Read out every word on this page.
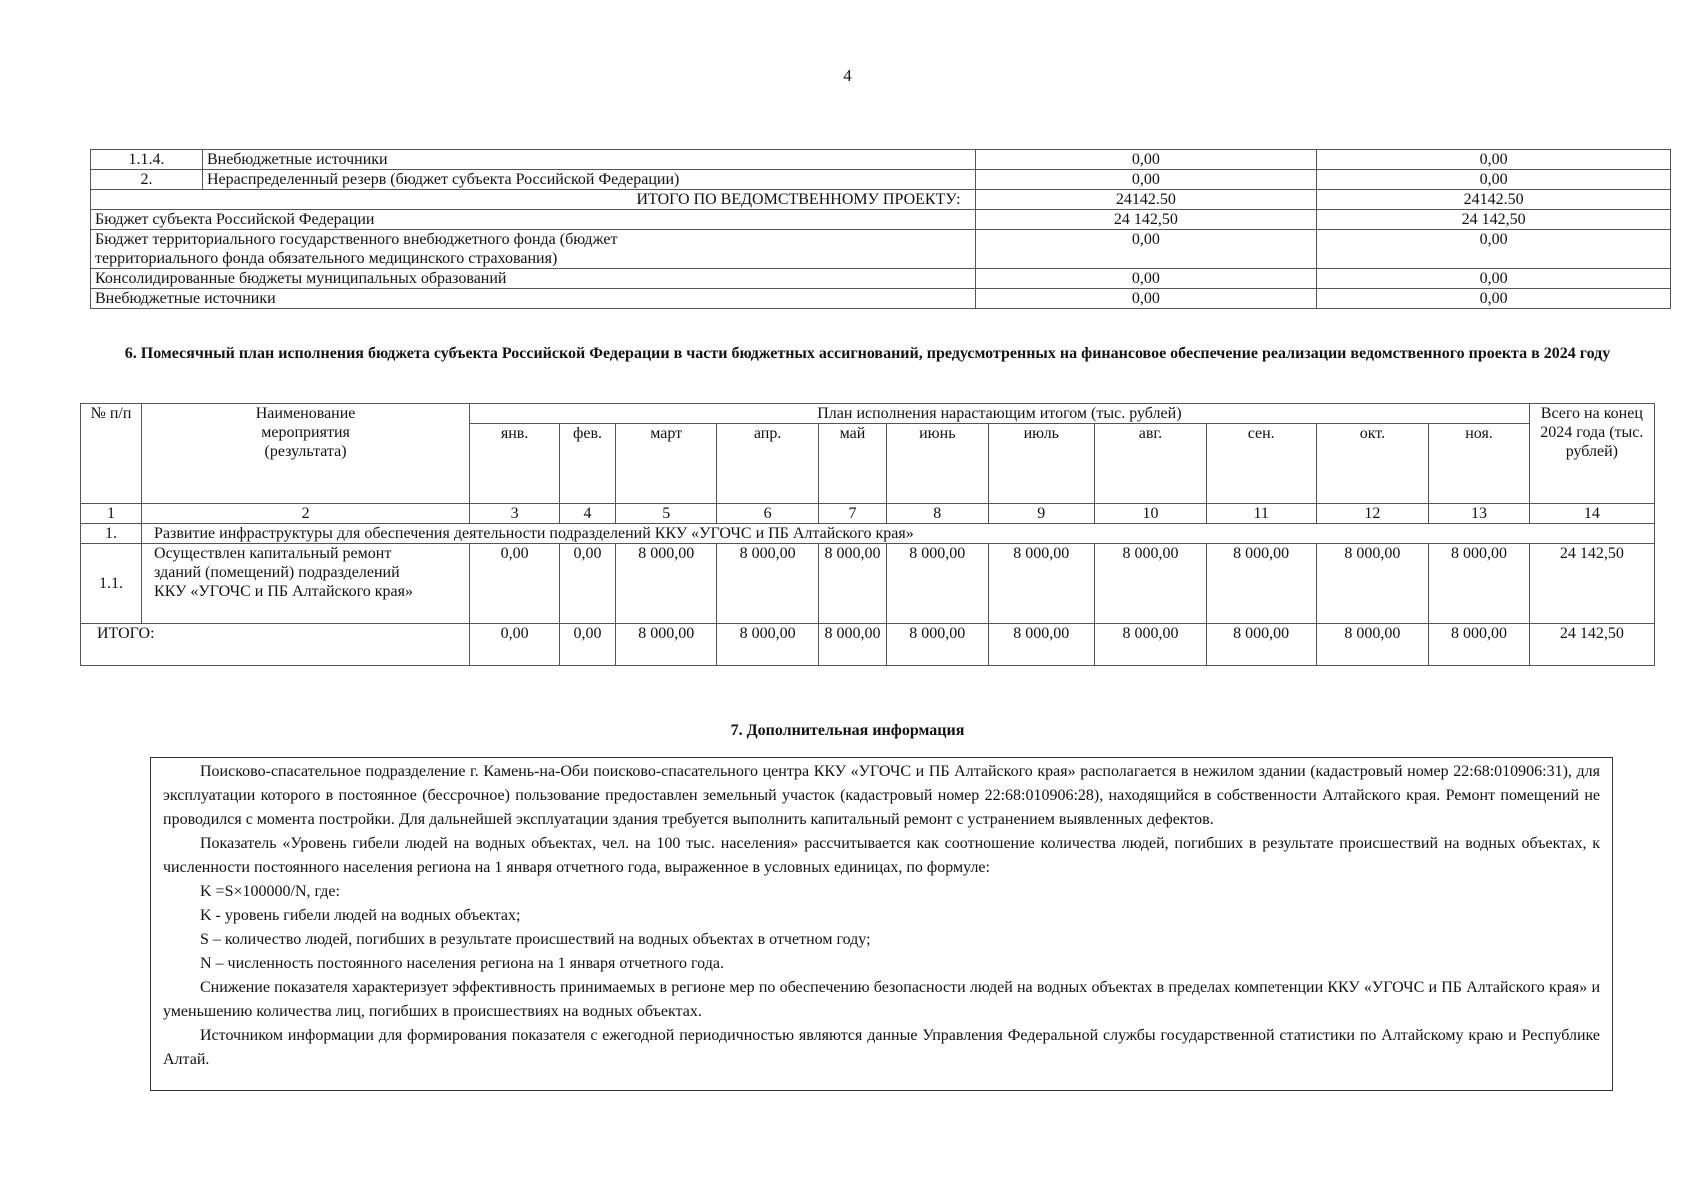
4
1.1.4.	Внебюджетные источники	0,00	0,00
2.	Нераспределенный резерв (бюджет субъекта Российской Федерации)	0,00	0,00
ИТОГО ПО ВЕДОМСТВЕННОМУ ПРОЕКТУ:		24142.50	24142.50
Бюджет субъекта Российской Федерации		24 142,50	24 142,50
Бюджет территориального государственного внебюджетного фонда (бюджет территориального фонда обязательного медицинского страхования)		0,00	0,00
Консолидированные бюджеты муниципальных образований		0,00	0,00
Внебюджетные источники		0,00	0,00
6. Помесячный план исполнения бюджета субъекта Российской Федерации в части бюджетных ассигнований, предусмотренных на финансовое обеспечение реализации ведомственного проекта в 2024 году
№ п/п	Наименование мероприятия (результата)	План исполнения нарастающим итогом (тыс. рублей)											Всего на конец 2024 года (тыс. рублей)
		янв.	фев.	март	апр.	май	июнь	июль	авг.	сен.	окт.	ноя.	
1	2	3	4	5	6	7	8	9	10	11	12	13	14
1.	Развитие инфраструктуры для обеспечения деятельности подразделений ККУ «УГОЧС и ПБ Алтайского края»												
1.1.	Осуществлен капитальный ремонт зданий (помещений) подразделений ККУ «УГОЧС и ПБ Алтайского края»	0,00	0,00	8 000,00	8 000,00	8 000,00	8 000,00	8 000,00	8 000,00	8 000,00	8 000,00	8 000,00	24 142,50
ИТОГО:		0,00	0,00	8 000,00	8 000,00	8 000,00	8 000,00	8 000,00	8 000,00	8 000,00	8 000,00	8 000,00	24 142,50
7. Дополнительная информация

Поисково-спасательное подразделение г. Камень-на-Оби поисково-спасательного центра ККУ «УГОЧС и ПБ Алтайского края» располагается в нежилом здании (кадастровый номер 22:68:010906:31), для эксплуатации которого в постоянное (бессрочное) пользование предоставлен земельный участок (кадастровый номер 22:68:010906:28), находящийся в собственности Алтайского края. Ремонт помещений не проводился с момента постройки. Для дальнейшей эксплуатации здания требуется выполнить капитальный ремонт с устранением выявленных дефектов.

Показатель «Уровень гибели людей на водных объектах, чел. на 100 тыс. населения» рассчитывается как соотношение количества людей, погибших в результате происшествий на водных объектах, к численности постоянного населения региона на 1 января отчетного года, выраженное в условных единицах, по формуле:

K =S×100000/N, где:

K - уровень гибели людей на водных объектах;

S – количество людей, погибших в результате происшествий на водных объектах в отчетном году;

N – численность постоянного населения региона на 1 января отчетного года.

Снижение показателя характеризует эффективность принимаемых в регионе мер по обеспечению безопасности людей на водных объектах в пределах компетенции ККУ «УГОЧС и ПБ Алтайского края» и уменьшению количества лиц, погибших в происшествиях на водных объектах.

Источником информации для формирования показателя с ежегодной периодичностью являются данные Управления Федеральной службы государственной статистики по Алтайскому краю и Республике Алтай.
